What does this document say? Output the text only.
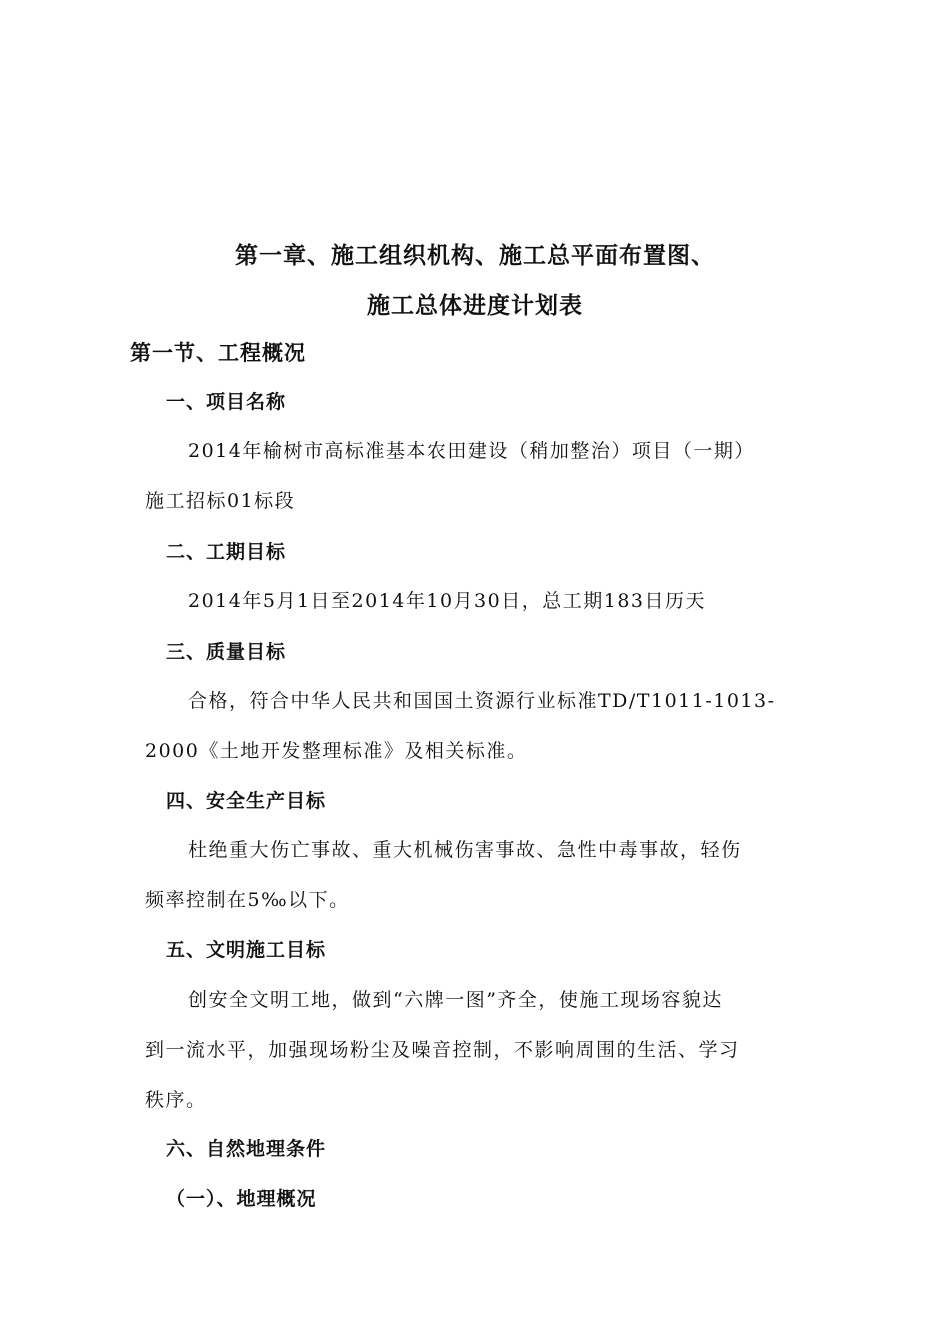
第一章、施工组织机构、施工总平面布置图、
施工总体进度计划表
第一节、工程概况
一、项目名称
2014年榆树市高标准基本农田建设（稍加整治）项目（一期）
施工招标01标段
二、工期目标
2014年5月1日至2014年10月30日，总工期183日历天
三、质量目标
合格，符合中华人民共和国国土资源行业标准TD/T1011-1013-
2000《土地开发整理标准》及相关标准。
四、安全生产目标
杜绝重大伤亡事故、重大机械伤害事故、急性中毒事故，轻伤
频率控制在5‰以下。
五、文明施工目标
创安全文明工地，做到“六牌一图”齐全，使施工现场容貌达
到一流水平，加强现场粉尘及噪音控制，不影响周围的生活、学习
秩序。
六、自然地理条件
（一）、地理概况
